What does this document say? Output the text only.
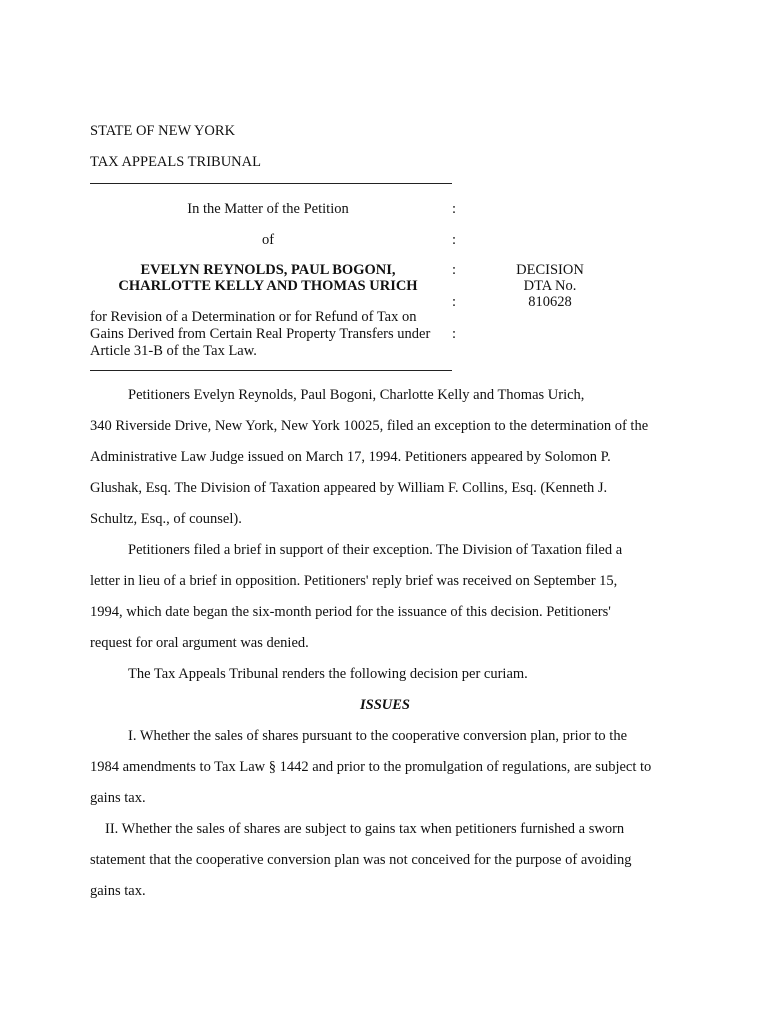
STATE OF NEW YORK
TAX APPEALS TRIBUNAL
In the Matter of the Petition	:
of	:
EVELYN REYNOLDS, PAUL BOGONI,
CHARLOTTE KELLY AND THOMAS URICH
:
:
DECISION
DTA No. 810628
for Revision of a Determination or for Refund of Tax on
Gains Derived from Certain Real Property Transfers under
Article 31-B of the Tax Law.
:
Petitioners Evelyn Reynolds, Paul Bogoni, Charlotte Kelly and Thomas Urich,
340 Riverside Drive, New York, New York 10025, filed an exception to the determination of the
Administrative Law Judge issued on March 17, 1994. Petitioners appeared by Solomon P.
Glushak, Esq. The Division of Taxation appeared by William F. Collins, Esq. (Kenneth J.
Schultz, Esq., of counsel).
Petitioners filed a brief in support of their exception. The Division of Taxation filed a
letter in lieu of a brief in opposition. Petitioners' reply brief was received on September 15,
1994, which date began the six-month period for the issuance of this decision. Petitioners'
request for oral argument was denied.
The Tax Appeals Tribunal renders the following decision per curiam.
ISSUES
I. Whether the sales of shares pursuant to the cooperative conversion plan, prior to the
1984 amendments to Tax Law § 1442 and prior to the promulgation of regulations, are subject to
gains tax.
II. Whether the sales of shares are subject to gains tax when petitioners furnished a sworn
statement that the cooperative conversion plan was not conceived for the purpose of avoiding
gains tax.
